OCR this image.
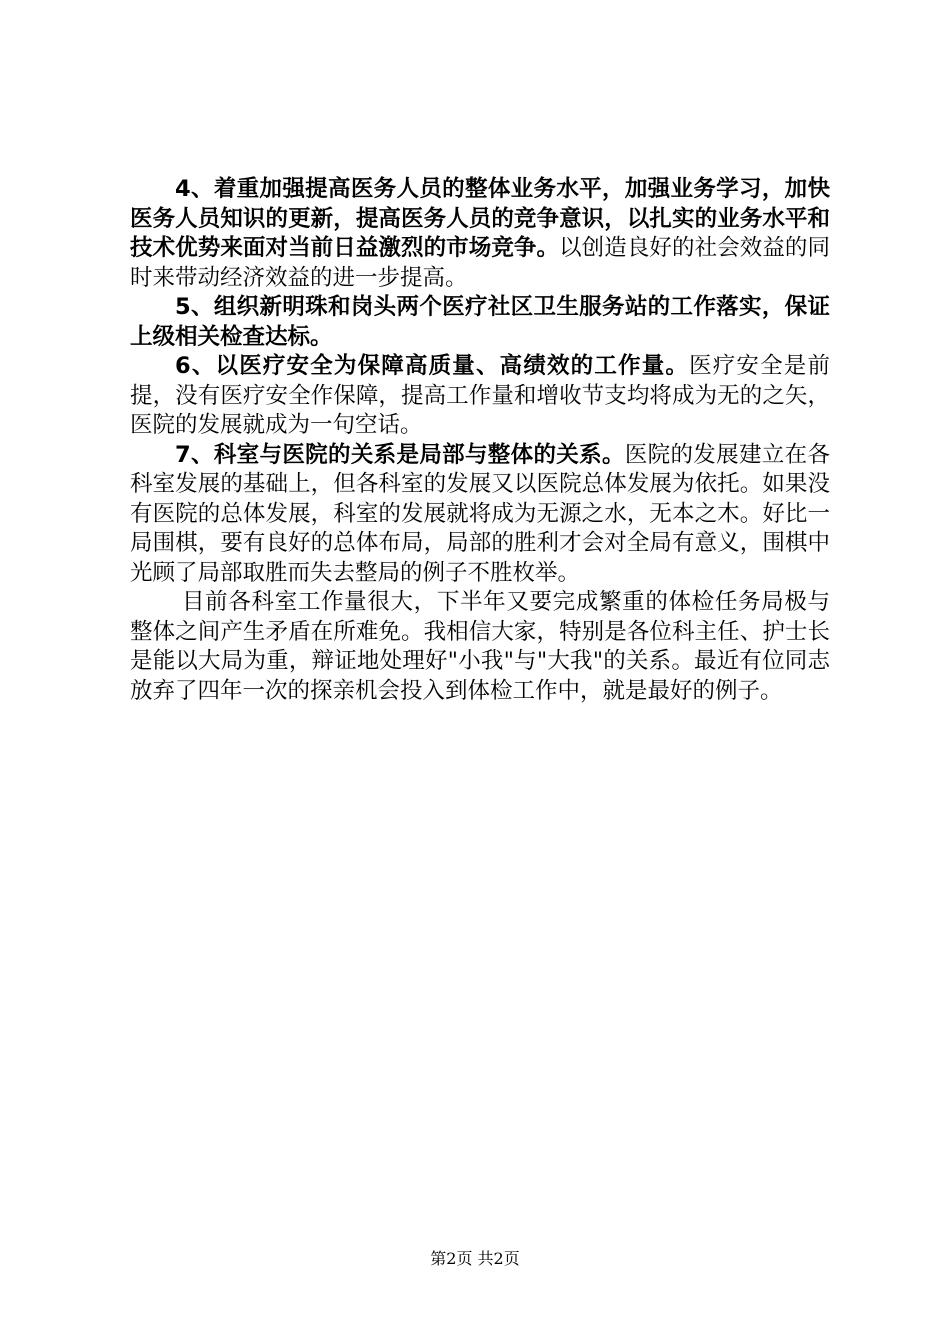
4、着重加强提高医务人员的整体业务水平，加强业务学习，加快医务人员知识的更新，提高医务人员的竞争意识，以扎实的业务水平和技术优势来面对当前日益激烈的市场竞争。以创造良好的社会效益的同时来带动经济效益的进一步提高。

5、组织新明珠和岗头两个医疗社区卫生服务站的工作落实，保证上级相关检查达标。

6、以医疗安全为保障高质量、高绩效的工作量。医疗安全是前提，没有医疗安全作保障，提高工作量和增收节支均将成为无的之矢，医院的发展就成为一句空话。

7、科室与医院的关系是局部与整体的关系。医院的发展建立在各科室发展的基础上，但各科室的发展又以医院总体发展为依托。如果没有医院的总体发展，科室的发展就将成为无源之水，无本之木。好比一局围棋，要有良好的总体布局，局部的胜利才会对全局有意义，围棋中光顾了局部取胜而失去整局的例子不胜枚举。

目前各科室工作量很大，下半年又要完成繁重的体检任务局极与整体之间产生矛盾在所难免。我相信大家，特别是各位科主任、护士长是能以大局为重，辩证地处理好"小我"与"大我"的关系。最近有位同志放弃了四年一次的探亲机会投入到体检工作中，就是最好的例子。

第2页 共2页
